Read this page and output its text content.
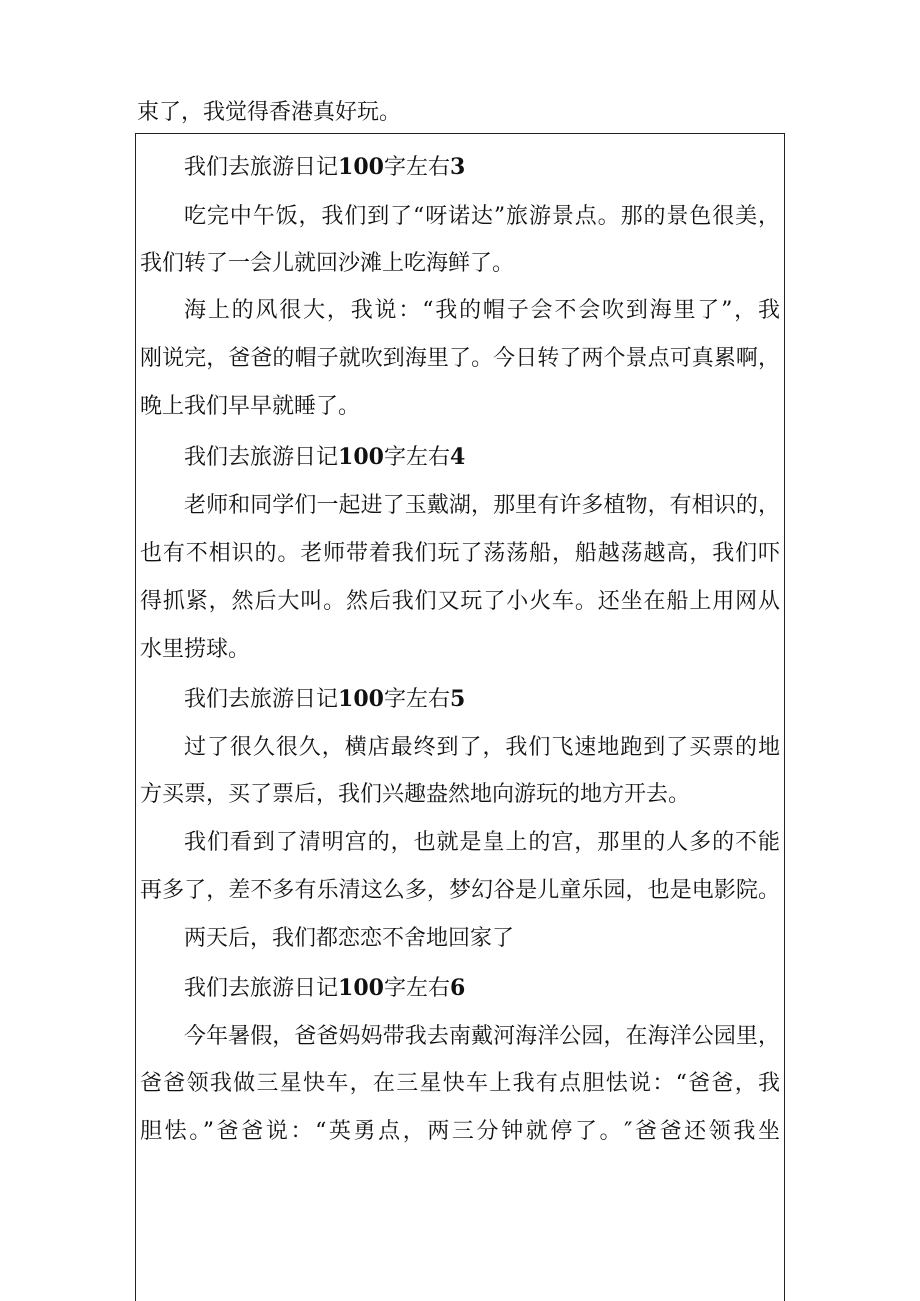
束了，我觉得香港真好玩。
我们去旅游日记100字左右3
吃完中午饭，我们到了“呀诺达”旅游景点。那的景色很美，
我们转了一会儿就回沙滩上吃海鲜了。
海上的风很大，我说：“我的帽子会不会吹到海里了”，我
刚说完，爸爸的帽子就吹到海里了。今日转了两个景点可真累啊，
晚上我们早早就睡了。
我们去旅游日记100字左右4
老师和同学们一起进了玉戴湖，那里有许多植物，有相识的，
也有不相识的。老师带着我们玩了荡荡船，船越荡越高，我们吓
得抓紧，然后大叫。然后我们又玩了小火车。还坐在船上用网从
水里捞球。
我们去旅游日记100字左右5
过了很久很久，横店最终到了，我们飞速地跑到了买票的地
方买票，买了票后，我们兴趣盎然地向游玩的地方开去。
我们看到了清明宫的，也就是皇上的宫，那里的人多的不能
再多了，差不多有乐清这么多，梦幻谷是儿童乐园，也是电影院。
两天后，我们都恋恋不舍地回家了
我们去旅游日记100字左右6
今年暑假，爸爸妈妈带我去南戴河海洋公园，在海洋公园里，
爸爸领我做三星快车，在三星快车上我有点胆怯说：“爸爸，我
胆怯。”爸爸说：“英勇点，两三分钟就停了。″爸爸还领我坐
